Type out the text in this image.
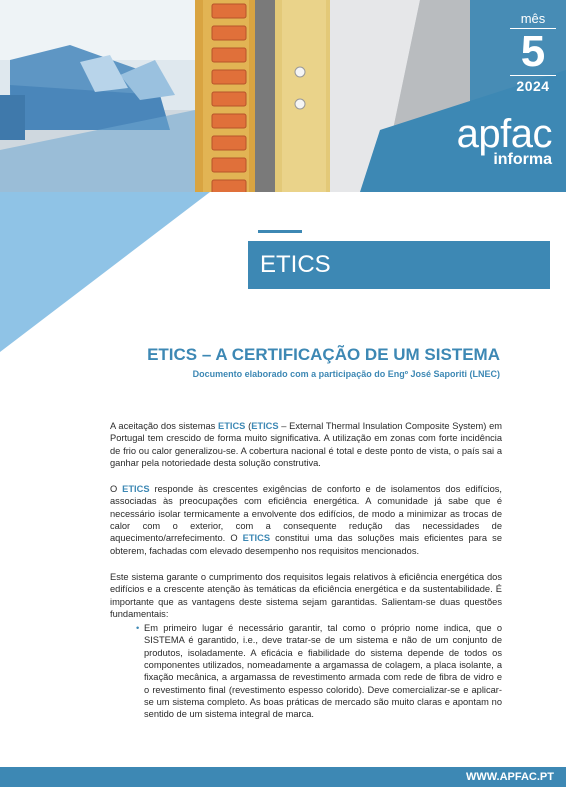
mês
5
2024
apfac
informa
ETICS
ETICS – A CERTIFICAÇÃO DE UM SISTEMA
Documento elaborado com a participação do Engº José Saporiti (LNEC)

A aceitação dos sistemas ETICS (ETICS – External Thermal Insulation Composite System) em Portugal tem crescido de forma muito significativa. A utilização em zonas com forte incidência de frio ou calor generalizou-se. A cobertura nacional é total e deste ponto de vista, o país sai a ganhar pela notoriedade desta solução construtiva.

O ETICS responde às crescentes exigências de conforto e de isolamentos dos edifícios, associadas às preocupações com eficiência energética. A comunidade já sabe que é necessário isolar termicamente a envolvente dos edifícios, de modo a minimizar as trocas de calor com o exterior, com a consequente redução das necessidades de aquecimento/arrefecimento. O ETICS constitui uma das soluções mais eficientes para se obterem, fachadas com elevado desempenho nos requisitos mencionados.

Este sistema garante o cumprimento dos requisitos legais relativos à eficiência energética dos edifícios e a crescente atenção às temáticas da eficiência energética e da sustentabilidade. É importante que as vantagens deste sistema sejam garantidas. Salientam-se duas questões fundamentais:

• Em primeiro lugar é necessário garantir, tal como o próprio nome indica, que o SISTEMA é garantido, i.e., deve tratar-se de um sistema e não de um conjunto de produtos, isoladamente. A eficácia e fiabilidade do sistema depende de todos os componentes utilizados, nomeadamente a argamassa de colagem, a placa isolante, a fixação mecânica, a argamassa de revestimento armada com rede de fibra de vidro e o revestimento final (revestimento espesso colorido). Deve comercializar-se e aplicar-se um sistema completo. As boas práticas de mercado são muito claras e apontam no sentido de um sistema integral de marca.
WWW.APFAC.PT
